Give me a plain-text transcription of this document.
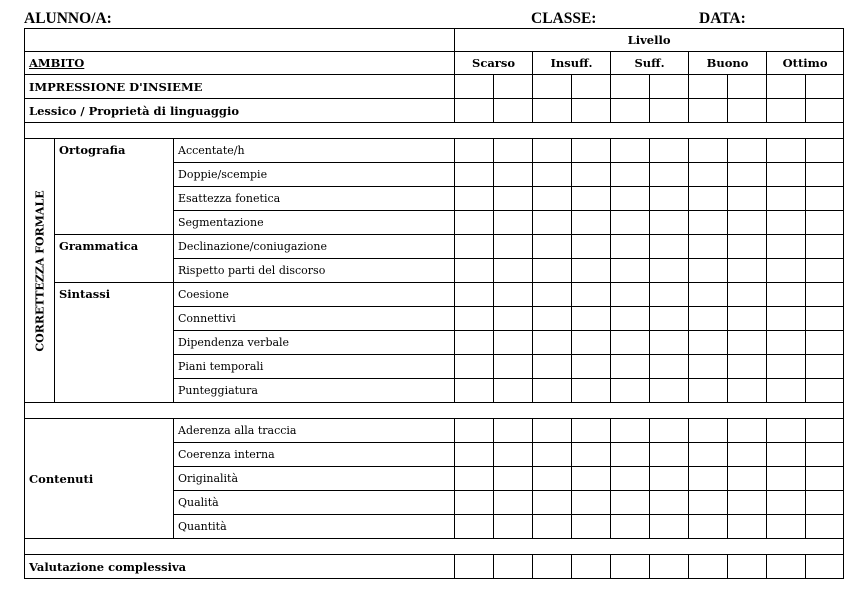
ALUNNO/A:	CLASSE:	DATA:
			Livello									
AMBITO			Scarso		Insuff.		Suff.		Buono		Ottimo	
IMPRESSIONE D'INSIEME												
Lessico / Proprietà di linguaggio												

CORRETTEZZA FORMALE	Ortografia	Accentate/h										
		Doppie/scempie										
		Esattezza fonetica										
		Segmentazione										
	Grammatica	Declinazione/coniugazione										
		Rispetto parti del discorso										
	Sintassi	Coesione										
		Connettivi										
		Dipendenza verbale										
		Piani temporali										
		Punteggiatura										

Contenuti		Aderenza alla traccia										
		Coerenza interna										
		Originalità										
		Qualità										
		Quantità										

Valutazione complessiva												
